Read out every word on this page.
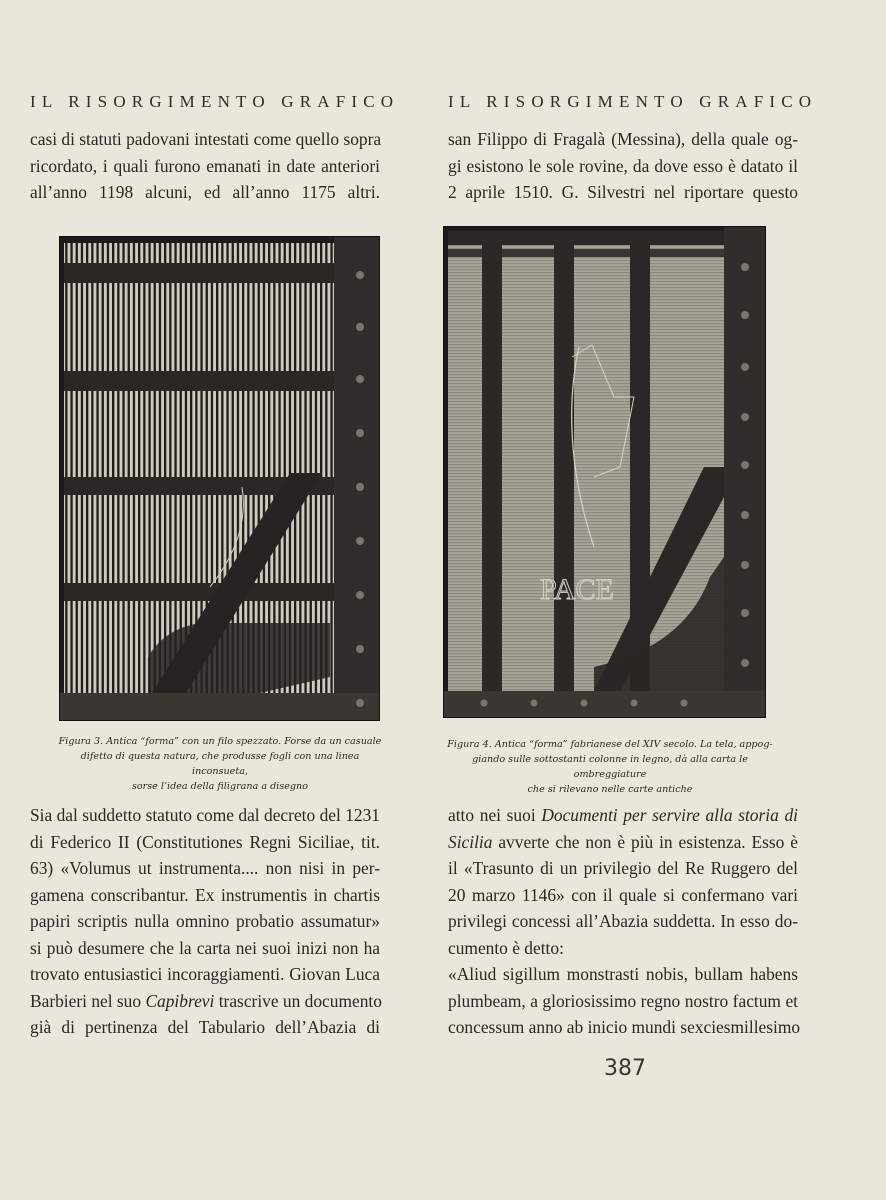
IL RISORGIMENTO GRAFICO	IL RISORGIMENTO GRAFICO

casi di statuti padovani intestati come quello sopra
ricordato, i quali furono emanati in date anteriori
all’anno 1198 alcuni, ed all’anno 1175 altri.

san Filippo di Fragalà (Messina), della quale og-
gi esistono le sole rovine, da dove esso è datato il
2 aprile 1510. G. Silvestri nel riportare questo

PACE
Figura 3. Antica “forma” con un filo spezzato. Forse da un casuale
difetto di questa natura, che produsse fogli con una linea inconsueta,
sorse l’idea della filigrana a disegno
Figura 4. Antica “forma” fabrianese del XIV secolo. La tela, appog-
giando sulle sottostanti colonne in legno, dà alla carta le ombreggiature
che si rilevano nelle carte antiche

Sia dal suddetto statuto come dal decreto del 1231
di Federico II (Constitutiones Regni Siciliae, tit.
63) «Volumus ut instrumenta.... non nisi in per-
gamena conscribantur. Ex instrumentis in chartis
papiri scriptis nulla omnino probatio assumatur»
si può desumere che la carta nei suoi inizi non ha
trovato entusiastici incoraggiamenti. Giovan Luca
Barbieri nel suo Capibrevi trascrive un documento
già di pertinenza del Tabulario dell’Abazia di

atto nei suoi Documenti per servire alla storia di
Sicilia avverte che non è più in esistenza. Esso è
il «Trasunto di un privilegio del Re Ruggero del
20 marzo 1146» con il quale si confermano vari
privilegi concessi all’Abazia suddetta. In esso do-
cumento è detto:
«Aliud sigillum monstrasti nobis, bullam habens
plumbeam, a gloriosissimo regno nostro factum et
concessum anno ab inicio mundi sexciesmillesimo

387
